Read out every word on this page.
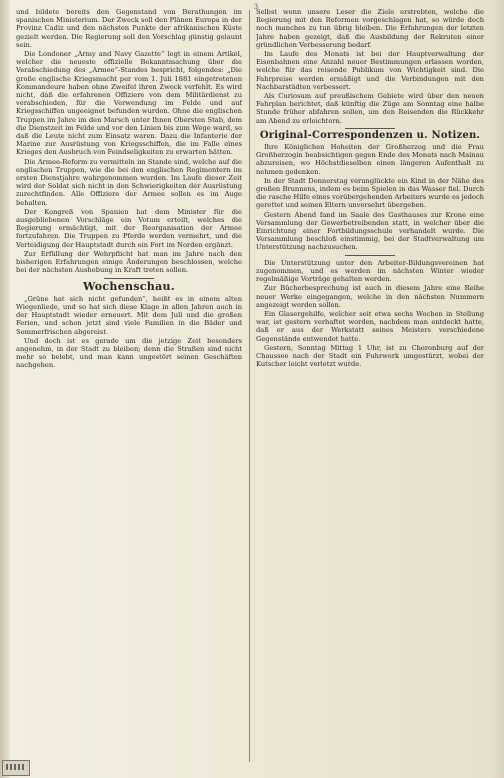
3

und bildete bereits den Gegenstand von Berathungen im spanischen Ministerium. Der Zweck soll den Plänen Europa in der Provinz Cadiz und den nächsten Punkte der afrikanischen Küste gezielt werden. Die Regierung soll den Vorschlag günstig gelaunt sein.

Die Londoner „Army and Navy Gazette“ legt in einem Artikel, welcher die neueste offizielle Bekanntmachung über die Verabschiedung des „Armee“-Standes bespricht, folgendes: „Die große englische Kriegsmacht per vom 1. Juli 1881 eingetretenen Kommandeure haben ohne Zweifel ihren Zweck verfehlt. Es wird nicht, daß die erfahrenen Offiziere von dem Militärdienst zu verabschieden, für die Verwendung im Felde und auf Kriegsschiffen ungeeignet befunden wurden. Ohne die englischen Truppen im Jahre im den Marsch unter Ihnen Obersten Stab, dem die Dienstzeit im Felde und vor den Linien bis zum Wege ward, so daß die Leute nicht zum Einsatz waren. Dazu die Infanterie der Marine zur Ausrüstung von Kriegsschiffen, die im Falle eines Krieges den Ausbruch von Feindseligkeiten zu erwarten hätten.

Die Armee-Reform zu vermitteln im Stande sind, welche auf die englischen Truppen, wie die bei den englischen Regimentern im ersten Dienstjahre wahrgenommen wurden. Im Laufe dieser Zeit wird der Soldat sich nicht in den Schwierigkeiten der Ausrüstung zurechtfinden. Alle Offiziere der Armee sollen es im Auge behalten.

Der Kongreß von Spanien hat dem Minister für die ausgebliebenen Vorschläge ein Votum erteilt, welches die Regierung ermächtigt, mit der Reorganisation der Armee fortzufahren. Die Truppen zu Pferde werden vermehrt, und die Verteidigung der Hauptstadt durch ein Fort im Norden ergänzt.

Zur Erfüllung der Wehrpflicht hat man im Jahre nach den bisherigen Erfahrungen einige Änderungen beschlossen, welche bei der nächsten Aushebung in Kraft treten sollen.

Wochenschau.

„Grüne hat sich nicht gefunden“, heißt es in einem alten Wiegenliede, und so hat sich diese Klage in allen Jahren auch in der Hauptstadt wieder erneuert. Mit dem Juli und die großen Ferien, und schon jetzt sind viele Familien in die Bäder und Sommerfrischen abgereist.

Und doch ist es gerade um die jetzige Zeit besonders angenehm, in der Stadt zu bleiben; denn die Straßen sind nicht mehr so belebt, und man kann ungestört seinen Geschäften nachgehen.

Selbst wenn unsere Leser die Ziele erstrebten, welche die Regierung mit den Reformen vorgeschlagen hat, so würde doch noch manches zu tun übrig bleiben. Die Erfahrungen der letzten Jahre haben gezeigt, daß die Ausbildung der Rekruten einer gründlichen Verbesserung bedarf.

Im Laufe des Monats ist bei der Hauptverwaltung der Eisenbahnen eine Anzahl neuer Bestimmungen erlassen worden, welche für das reisende Publikum von Wichtigkeit sind. Die Fahrpreise werden ermäßigt und die Verbindungen mit den Nachbarstädten verbessert.

Als Curiosum auf preußischem Gebiete wird über den neuen Fahrplan berichtet, daß künftig die Züge am Sonntag eine halbe Stunde früher abfahren sollen, um den Reisenden die Rückkehr am Abend zu erleichtern.

Original-Correspondenzen u. Notizen.

Ihre Königlichen Hoheiten der Großherzog und die Frau Großherzogin beabsichtigen gegen Ende des Monats nach Mainau abzureisen, wo Höchstdieselben einen längeren Aufenthalt zu nehmen gedenken.

In der Stadt Donnerstag verunglückte ein Kind in der Nähe des großen Brunnens, indem es beim Spielen in das Wasser fiel. Durch die rasche Hilfe eines vorübergehenden Arbeiters wurde es jedoch gerettet und seinen Eltern unversehrt übergeben.

Gestern Abend fand im Saale des Gasthauses zur Krone eine Versammlung der Gewerbetreibenden statt, in welcher über die Einrichtung einer Fortbildungsschule verhandelt wurde. Die Versammlung beschloß einstimmig, bei der Stadtverwaltung um Unterstützung nachzusuchen.

Die Unterstützung unter den Arbeiter-Bildungsvereinen hat zugenommen, und es werden im nächsten Winter wieder regelmäßige Vorträge gehalten werden.

Zur Bücherbesprechung ist auch in diesem Jahre eine Reihe neuer Werke eingegangen, welche in den nächsten Nummern angezeigt werden sollen.

Ein Glasergehilfe, welcher seit etwa sechs Wochen in Stellung war, ist gestern verhaftet worden, nachdem man entdeckt hatte, daß er aus der Werkstatt seines Meisters verschiedene Gegenstände entwendet hatte.

Gestern, Sonntag Mittag 1 Uhr, ist zu Cheronburg auf der Chaussee nach der Stadt ein Fuhrwerk umgestürzt, wobei der Kutscher leicht verletzt wurde.
